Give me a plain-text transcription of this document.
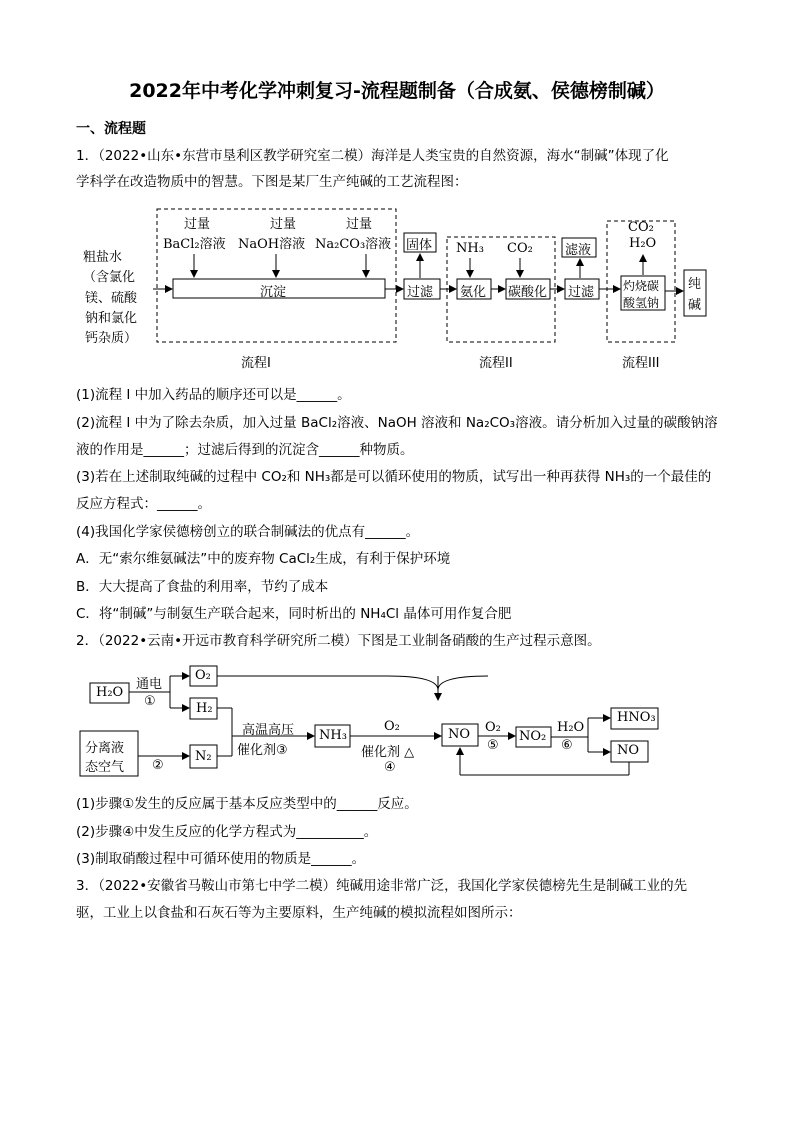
2022年中考化学冲刺复习-流程题制备（合成氨、侯德榜制碱）
一、流程题
1．（2022•山东•东营市垦利区教学研究室二模）海洋是人类宝贵的自然资源，海水“制碱”体现了化
学科学在改造物质中的智慧。下图是某厂生产纯碱的工艺流程图：
粗盐水
（含氯化
镁、硫酸
钠和氯化
钙杂质）
过量	过量	过量
BaCl₂溶液 NaOH溶液 Na₂CO₃溶液
沉淀
固体
过滤
NH₃ CO₂
氨化 碳酸化
滤液
过滤
CO₂
H₂O
灼烧碳
酸氢钠
纯
碱
流程I	流程II	流程III
(1)流程 I 中加入药品的顺序还可以是______。
(2)流程 I 中为了除去杂质，加入过量 BaCl₂溶液、NaOH 溶液和 Na₂CO₃溶液。请分析加入过量的碳酸钠溶
液的作用是______；过滤后得到的沉淀含______种物质。
(3)若在上述制取纯碱的过程中 CO₂和 NH₃都是可以循环使用的物质，试写出一种再获得 NH₃的一个最佳的
反应方程式：______。
(4)我国化学家侯德榜创立的联合制碱法的优点有______。
A．无“索尔维氨碱法”中的废弃物 CaCl₂生成，有利于保护环境
B．大大提高了食盐的利用率，节约了成本
C．将“制碱”与制氨生产联合起来，同时析出的 NH₄Cl 晶体可用作复合肥
2．（2022•云南•开远市教育科学研究所二模）下图是工业制备硝酸的生产过程示意图。
H₂O
通电
①
O₂
H₂
分离液
态空气 ②
N₂
高温高压
催化剂③
NH₃
O₂
催化剂 △
④
NO O₂
⑤
NO₂
H₂O
⑥
HNO₃
NO
(1)步骤①发生的反应属于基本反应类型中的______反应。
(2)步骤④中发生反应的化学方程式为__________。
(3)制取硝酸过程中可循环使用的物质是______。
3．（2022•安徽省马鞍山市第七中学二模）纯碱用途非常广泛，我国化学家侯德榜先生是制碱工业的先
驱，工业上以食盐和石灰石等为主要原料，生产纯碱的模拟流程如图所示：
